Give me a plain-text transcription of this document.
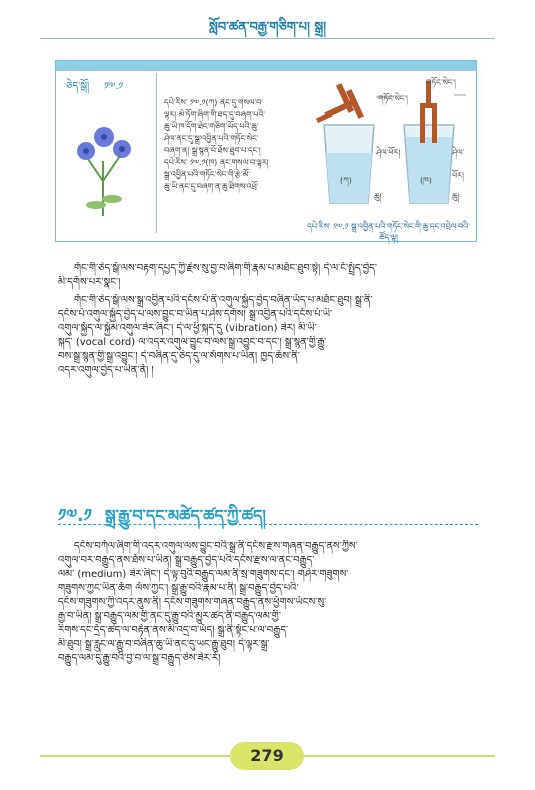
སློབ་ཚན་བརྒྱ་གཅིག་པ། སྒྲ།
ཅེད་སྒོ། ༡༧.༡
དཔེ་རིས་ ༡༧.༡(ཀ) ནང་དུ་གསལ་བ་
ལྟར། མེ་ཏོག་ཞིག་གི་ཐད་དུ་བཞག་པའི་
ཆུ་ཡི་ཁ་དོག་ཐེང་གཅིག་ཡོད་པའི་ཆུ་
ཤེལ་ནང་དུ་སྒྲ་འབྱིན་པའི་གཏོང་སེང་
བཞག་ན། སྒྲ་སྙན་པོ་ཐོས་ཐུབ་པ་དང་།
དཔེ་རིས་ ༡༧.༡(ཁ) ནང་གསལ་བ་ལྟར།
སྒྲ་འབྱིན་པའི་གཏོང་སེང་གི་རྩེ་མོ་
ཆུ་ཡི་ནང་དུ་བཞག་ན་ཆུ་ཐིགས་འཕྲོ་
གཏོང་སེང་།
གཏོང་སེང་།
ཤེལ་ཕོར།	ཤེལ་ཕོར།
ཆུ།	ཆུ།
(ཀ)	(ཁ)
དཔེ་རིས་ ༡༧.༡ སྒྲ་འབྱིན་པའི་གཏོང་སེང་གི་ཆུ་དང་འབྲེལ་བའི་ཚོད་ལྟ།
གོང་གི་ཅེད་སྒོ་ལས་བརྟག་དཔྱད་ཀྱི་རྗེས་སུ་བྱ་བ་ཞིག་གི་རྣམ་པ་མཐོང་ཐུབ་སྟེ། དེ་ལ་ངོ་སྤྲོད་བྱེད་
མི་དགོས་པར་སྣང་།
གོང་གི་ཅེད་སྒོ་ལས་སྒྲ་འབྱིན་པའི་དངོས་པོ་ནི་འགུལ་སྐྱོད་བྱེད་བཞིན་ཡོད་པ་མཐོང་ཐུབ། སྒྲ་ནི་
དངོས་པོ་འགུལ་སྐྱོད་བྱེད་པ་ལས་བྱུང་བ་ཡིན་པ་ཤེས་དགོས། སྒྲ་འབྱིན་པའི་དངོས་པོ་ཡི་
འགུལ་སྐྱོད་ལ་སྐྱོམ་འགུལ་ཟེར་ཞིང་། དེ་ལ་ཕྱི་སྐད་དུ (vibration) ཟེར། མི་ཡི་
སྐད་ (vocal cord) ལ་འདར་འགུལ་བྱུང་བ་ལས་སྒྲ་འབྱུང་བ་དང་། སྒྲ་སྙན་གྱི་རྒྱུ་
བས་སྒྲ་སྙན་གྱི་སྒྲ་འབྱུང་། དེ་བཞིན་དུ་ཅེད་དུ་ལ་སོགས་པ་ཡིན། ཁྱད་ཆོས་ནི་
འདར་འགུལ་བྱེད་པ་ཡིན་ནོ། །
༡༧.༡ སྒྲ་རྒྱུ་བ་དང་མཚེད་ཚད་ཀྱི་ཚད།
དངོས་བཀོལ་ཞིག་གི་འདར་འགུལ་ལས་བྱུང་བའི་སྒྲ་ནི་དངོས་རྫས་གཞན་བརྒྱུད་ནས་ཀྱིས་
འགུལ་བར་བརྒྱུད་ནས་ཐོས་པ་ཡིན། སྒྲ་བརྒྱུད་བྱེད་པའི་དངོས་རྫས་ལ་ནང་བརྒྱུད་
ལམ་ (medium) ཟེར་ཞིང་། དེ་ལྟ་བུའི་བརྒྱུད་ལམ་ནི་སྲ་གཟུགས་དང་། གཤེར་གཟུགས་
གཟུགས་ཀྱང་ཡིན་ཆོག ལོས་ཀྱང་། སྒྲ་རྒྱུ་བའི་རྣམ་པ་ནི། སྒྲ་བརྒྱུད་བྱེད་པའི་
དངོས་གཟུགས་ཀྱི་འདར་ནུས་ནི། དངོས་གཟུགས་གཞན་བརྒྱུད་ནས་ཕྱོགས་ཡོངས་སུ་
རྒྱ་བ་ཡིན། སྒྲ་བརྒྱུད་ལམ་གྱི་ནང་དུ་རྒྱུ་བའི་མྱུར་ཚད་ནི་བརྒྱུད་ལམ་གྱི་
རིགས་དང་དྲོད་ཚད་ལ་བརྟེན་ནས་མི་འདྲ་བ་ཡོད། སྒྲ་ནི་སྟོང་པ་ལ་བརྒྱུད་
མི་ཐུབ། སྒྲ་རླུང་ལ་རྒྱུ་བ་བཞིན་ཆུ་ཡི་ནང་དུ་ཡང་རྒྱུ་ཐུབ། དེ་ལྟར་སྒྲ་
བརྒྱུད་ལམ་དུ་རྒྱུ་བའི་བྱ་བ་ལ་སྒྲ་བརྒྱུད་ཅེས་ཟེར་རོ།
279
